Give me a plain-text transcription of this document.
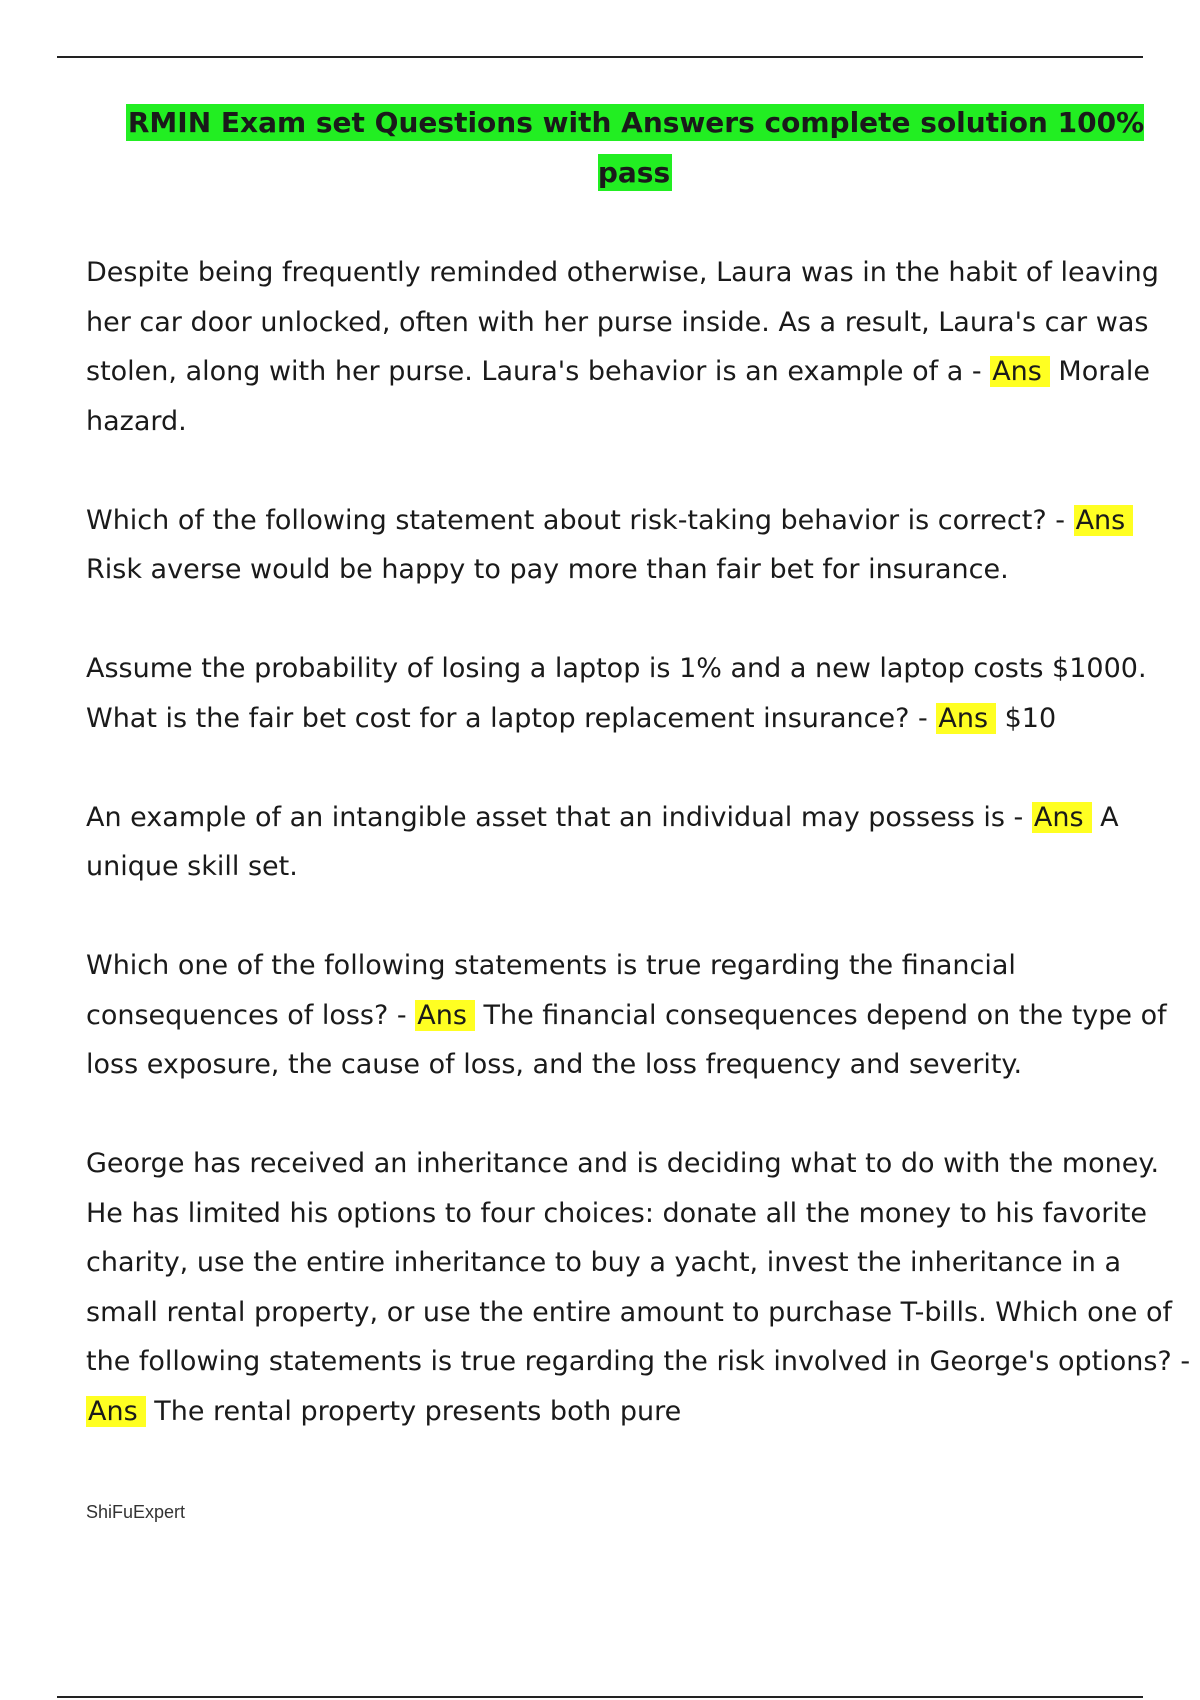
RMIN Exam set Questions with Answers complete solution 100% pass

Despite being frequently reminded otherwise, Laura was in the habit of leaving her car door unlocked, often with her purse inside. As a result, Laura's car was stolen, along with her purse. Laura's behavior is an example of a - Ans Morale hazard.

Which of the following statement about risk-taking behavior is correct? - Ans Risk averse would be happy to pay more than fair bet for insurance.

Assume the probability of losing a laptop is 1% and a new laptop costs $1000. What is the fair bet cost for a laptop replacement insurance? - Ans $10

An example of an intangible asset that an individual may possess is - Ans A unique skill set.

Which one of the following statements is true regarding the financial consequences of loss? - Ans The financial consequences depend on the type of loss exposure, the cause of loss, and the loss frequency and severity.

George has received an inheritance and is deciding what to do with the money. He has limited his options to four choices: donate all the money to his favorite charity, use the entire inheritance to buy a yacht, invest the inheritance in a small rental property, or use the entire amount to purchase T-bills. Which one of the following statements is true regarding the risk involved in George's options? - Ans The rental property presents both pure

ShiFuExpert
